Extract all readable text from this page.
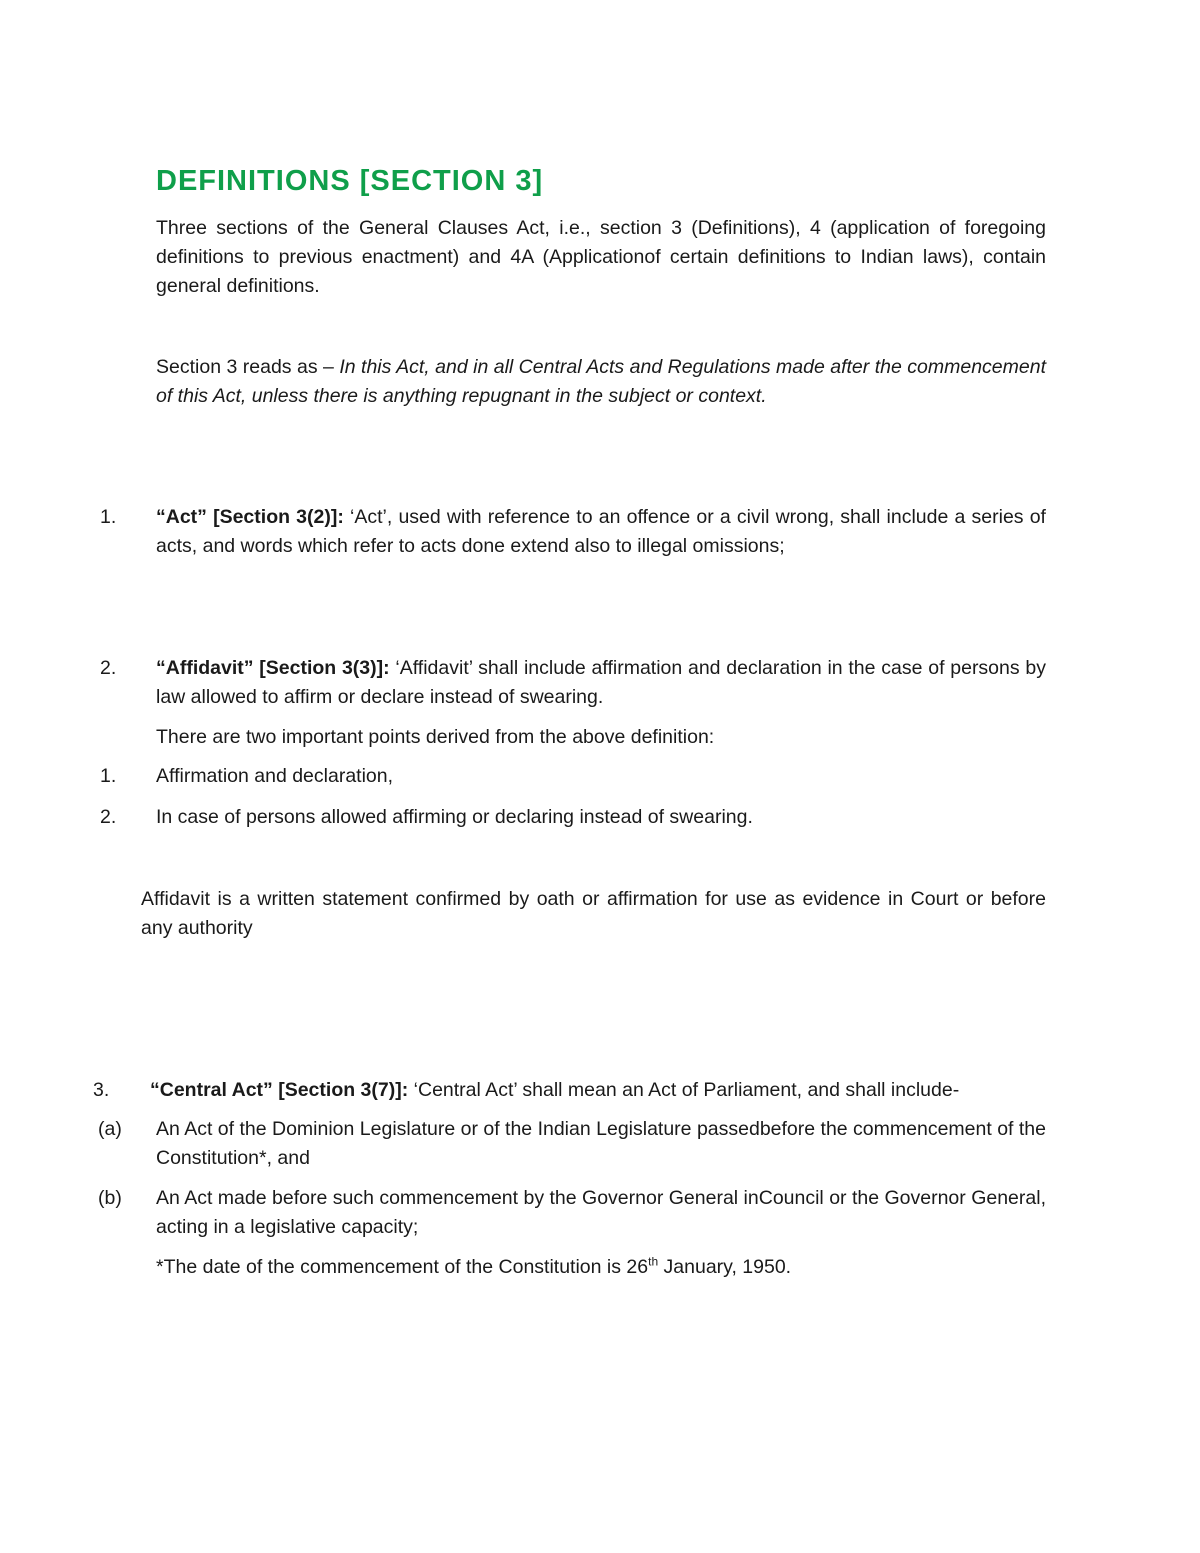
DEFINITIONS [SECTION 3]
Three sections of the General Clauses Act, i.e., section 3 (Definitions), 4 (application of foregoing definitions to previous enactment) and 4A (Applicationof certain definitions to Indian laws), contain general definitions.
Section 3 reads as – In this Act, and in all Central Acts and Regulations made after the commencement of this Act, unless there is anything repugnant in the subject or context.
1. “Act” [Section 3(2)]: ‘Act’, used with reference to an offence or a civil wrong, shall include a series of acts, and words which refer to acts done extend also to illegal omissions;
2. “Affidavit” [Section 3(3)]: ‘Affidavit’ shall include affirmation and declaration in the case of persons by law allowed to affirm or declare instead of swearing.
There are two important points derived from the above definition:
1. Affirmation and declaration,
2. In case of persons allowed affirming or declaring instead of swearing.
Affidavit is a written statement confirmed by oath or affirmation for use as evidence in Court or before any authority
3. “Central Act” [Section 3(7)]: ‘Central Act’ shall mean an Act of Parliament, and shall include-
(a) An Act of the Dominion Legislature or of the Indian Legislature passedbefore the commencement of the Constitution*, and
(b) An Act made before such commencement by the Governor General inCouncil or the Governor General, acting in a legislative capacity;
*The date of the commencement of the Constitution is 26th January, 1950.
